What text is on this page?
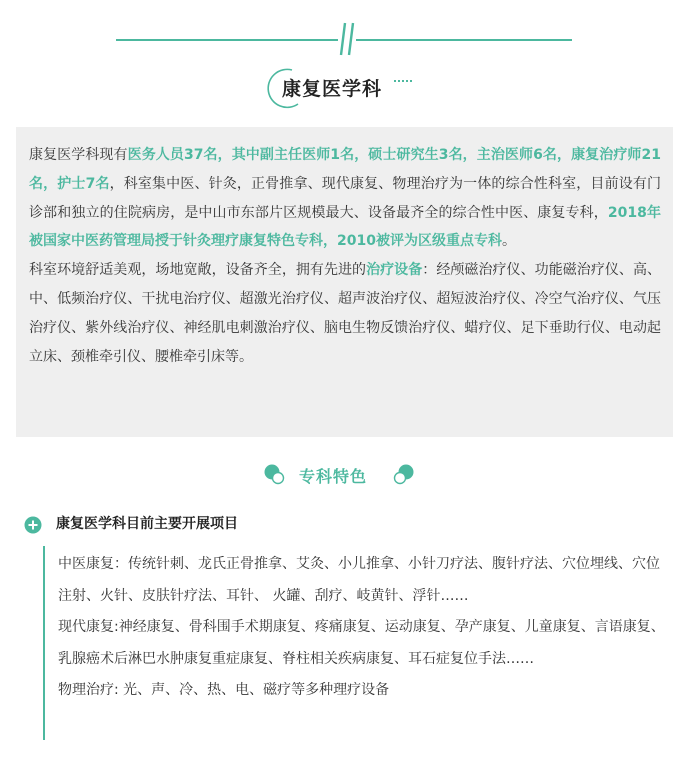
康复医学科

康复医学科现有医务人员37名，其中副主任医师1名，硕士研究生3名，主治医师6名，康复治疗师21名，护士7名，科室集中医、针灸，正骨推拿、现代康复、物理治疗为一体的综合性科室，目前设有门诊部和独立的住院病房，是中山市东部片区规模最大、设备最齐全的综合性中医、康复专科，2018年被国家中医药管理局授于针灸理疗康复特色专科，2010被评为区级重点专科。

科室环境舒适美观，场地宽敞，设备齐全，拥有先进的治疗设备：经颅磁治疗仪、功能磁治疗仪、高、中、低频治疗仪、干扰电治疗仪、超激光治疗仪、超声波治疗仪、超短波治疗仪、冷空气治疗仪、气压治疗仪、紫外线治疗仪、神经肌电刺激治疗仪、脑电生物反馈治疗仪、蜡疗仪、足下垂助行仪、电动起立床、颈椎牵引仪、腰椎牵引床等。

专科特色
康复医学科目前主要开展项目

中医康复：传统针刺、龙氏正骨推拿、艾灸、小儿推拿、小针刀疗法、腹针疗法、穴位埋线、穴位注射、火针、皮肤针疗法、耳针、 火罐、刮疗、岐黄针、浮针……

现代康复:神经康复、骨科围手术期康复、疼痛康复、运动康复、孕产康复、儿童康复、言语康复、乳腺癌术后淋巴水肿康复重症康复、脊柱相关疾病康复、耳石症复位手法……

物理治疗: 光、声、冷、热、电、磁疗等多种理疗设备
